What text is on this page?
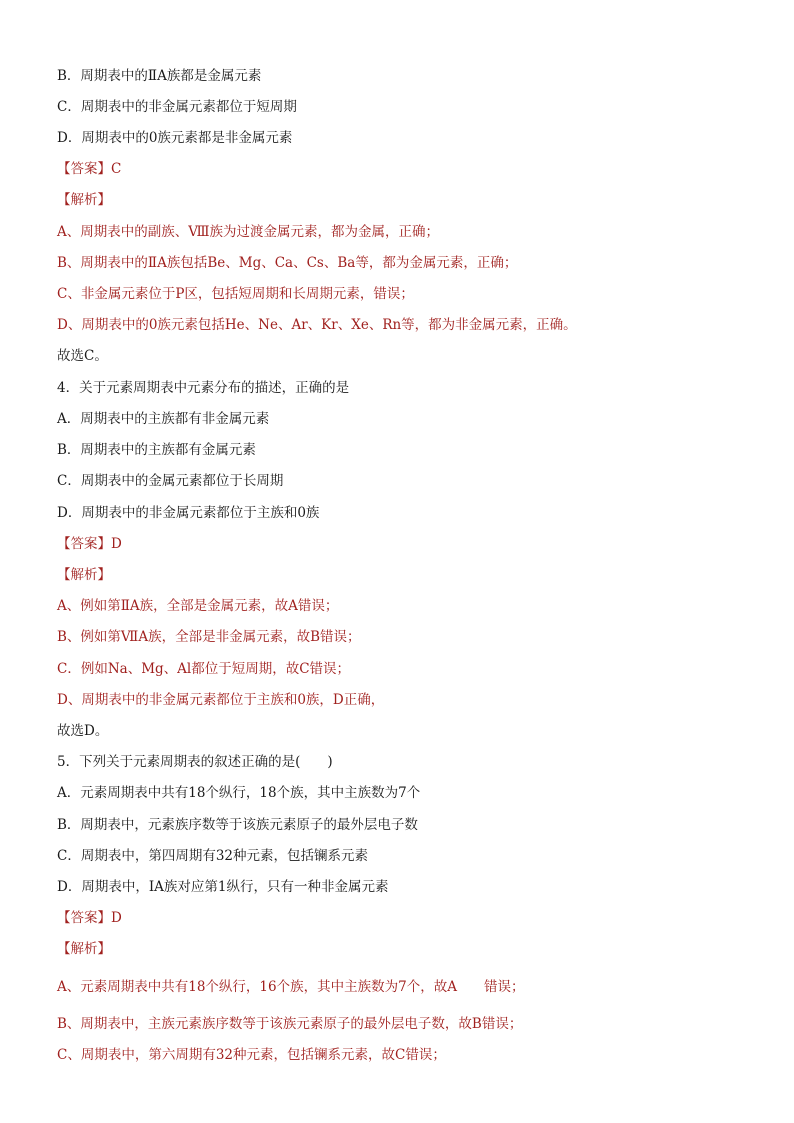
B．周期表中的ⅡA族都是金属元素

C．周期表中的非金属元素都位于短周期

D．周期表中的0族元素都是非金属元素

【答案】C

【解析】

A、周期表中的副族、Ⅷ族为过渡金属元素，都为金属，正确；

B、周期表中的ⅡA族包括Be、Mg、Ca、Cs、Ba等，都为金属元素，正确；

C、非金属元素位于P区，包括短周期和长周期元素，错误；

D、周期表中的0族元素包括He、Ne、Ar、Kr、Xe、Rn等，都为非金属元素，正确。

故选C。

4．关于元素周期表中元素分布的描述，正确的是

A．周期表中的主族都有非金属元素

B．周期表中的主族都有金属元素

C．周期表中的金属元素都位于长周期

D．周期表中的非金属元素都位于主族和0族

【答案】D

【解析】

A、例如第ⅡA族，全部是金属元素，故A错误；

B、例如第ⅦA族，全部是非金属元素，故B错误；

C．例如Na、Mg、Al都位于短周期，故C错误；

D、周期表中的非金属元素都位于主族和0族，D正确，

故选D。

5．下列关于元素周期表的叙述正确的是(　　)

A．元素周期表中共有18个纵行，18个族，其中主族数为7个

B．周期表中，元素族序数等于该族元素原子的最外层电子数

C．周期表中，第四周期有32种元素，包括镧系元素

D．周期表中，ⅠA族对应第1纵行，只有一种非金属元素

【答案】D

【解析】

A、元素周期表中共有18个纵行，16个族，其中主族数为7个，故A　　错误；

B、周期表中，主族元素族序数等于该族元素原子的最外层电子数，故B错误；

C、周期表中，第六周期有32种元素，包括镧系元素，故C错误；
